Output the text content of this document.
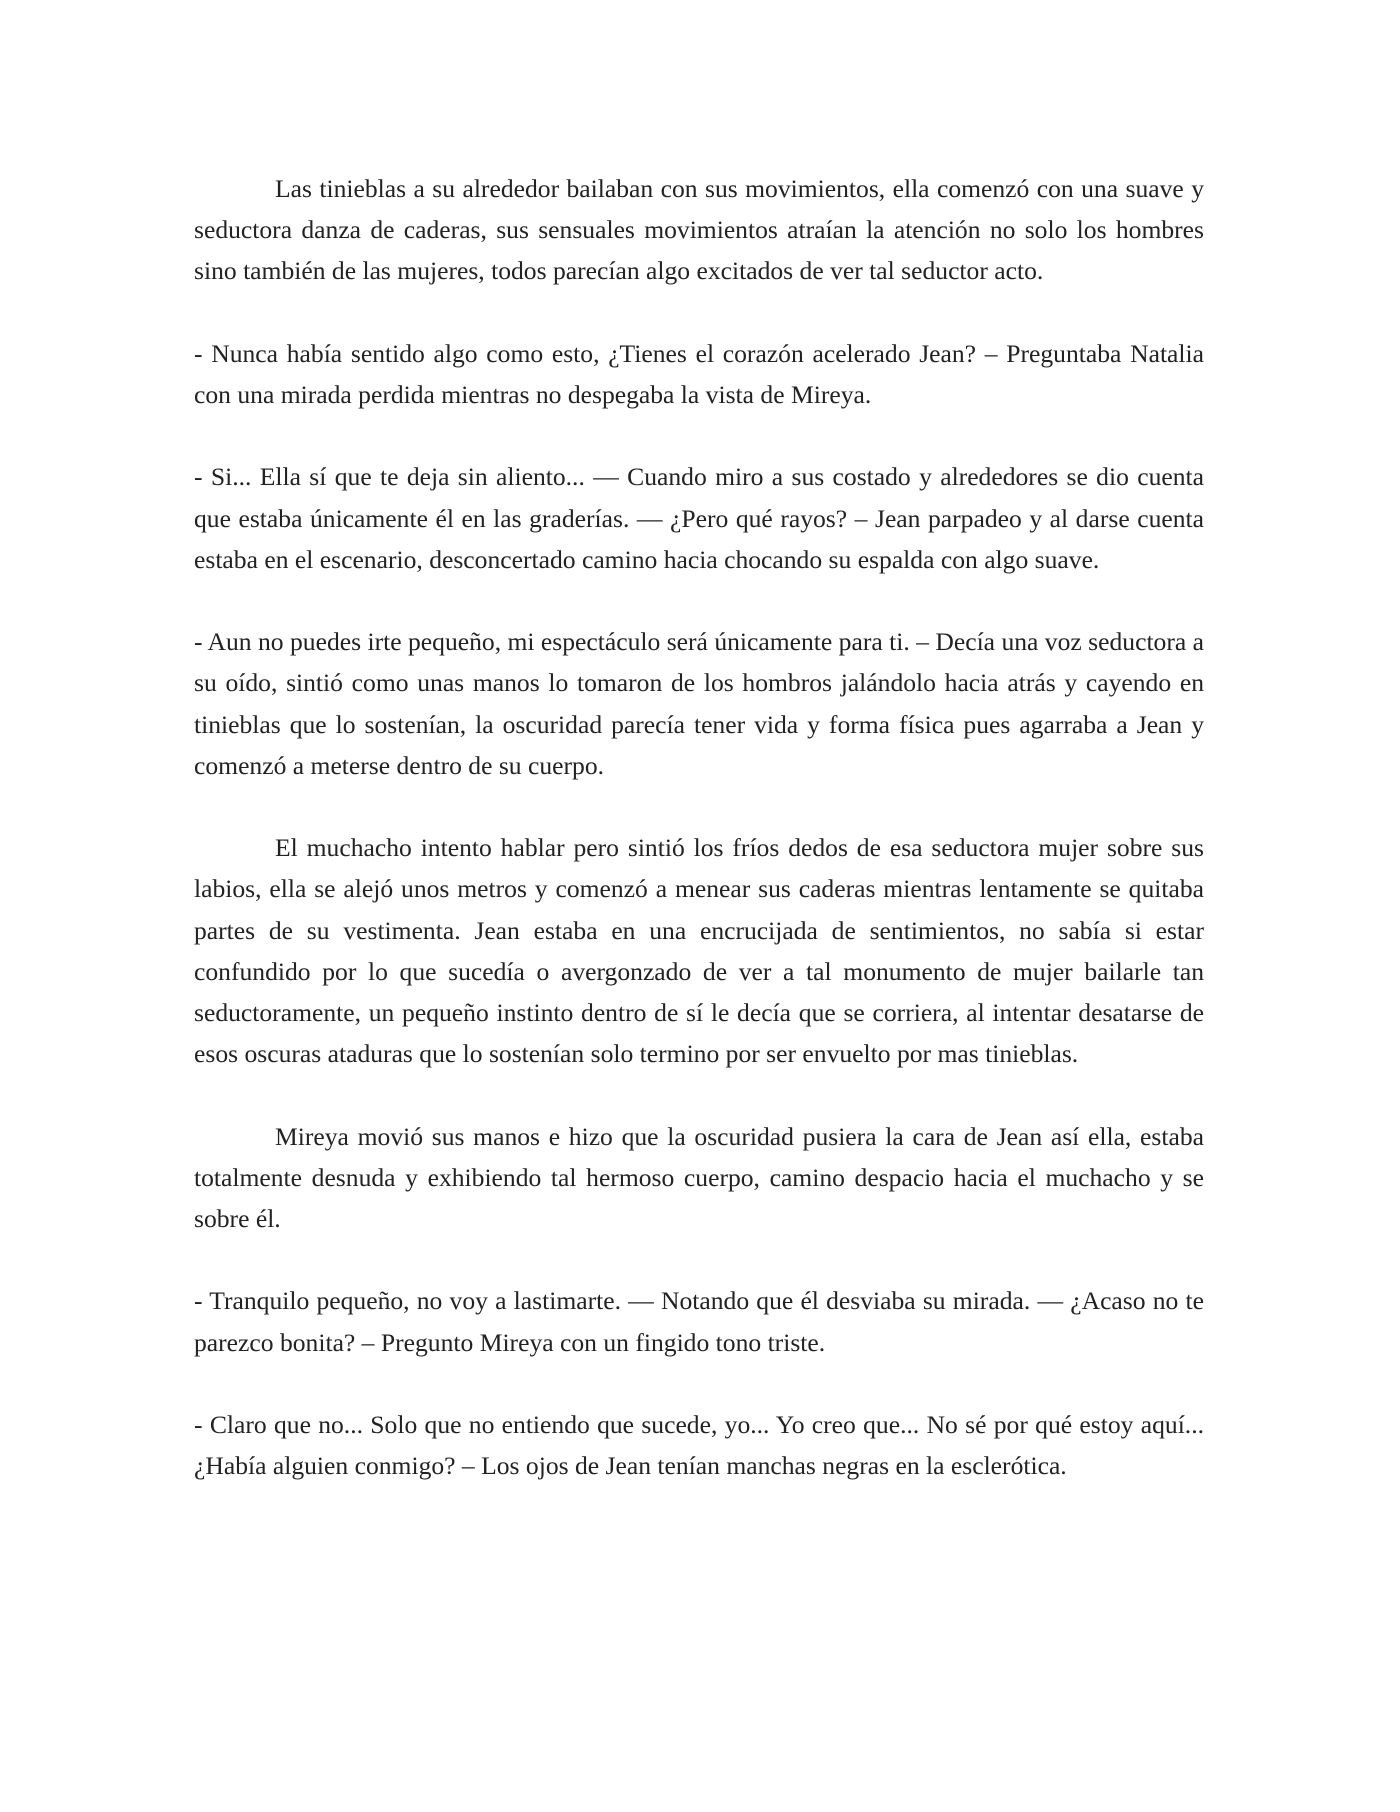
Las tinieblas a su alrededor bailaban con sus movimientos, ella comenzó con una suave y seductora danza de caderas, sus sensuales movimientos atraían la atención no solo los hombres sino también de las mujeres, todos parecían algo excitados de ver tal seductor acto.

- Nunca había sentido algo como esto, ¿Tienes el corazón acelerado Jean? – Preguntaba Natalia con una mirada perdida mientras no despegaba la vista de Mireya.

- Si... Ella sí que te deja sin aliento... — Cuando miro a sus costado y alrededores se dio cuenta que estaba únicamente él en las graderías. — ¿Pero qué rayos? – Jean parpadeo y al darse cuenta estaba en el escenario, desconcertado camino hacia chocando su espalda con algo suave.

- Aun no puedes irte pequeño, mi espectáculo será únicamente para ti. – Decía una voz seductora a su oído, sintió como unas manos lo tomaron de los hombros jalándolo hacia atrás y cayendo en tinieblas que lo sostenían, la oscuridad parecía tener vida y forma física pues agarraba a Jean y comenzó a meterse dentro de su cuerpo.

El muchacho intento hablar pero sintió los fríos dedos de esa seductora mujer sobre sus labios, ella se alejó unos metros y comenzó a menear sus caderas mientras lentamente se quitaba partes de su vestimenta. Jean estaba en una encrucijada de sentimientos, no sabía si estar confundido por lo que sucedía o avergonzado de ver a tal monumento de mujer bailarle tan seductoramente, un pequeño instinto dentro de sí le decía que se corriera, al intentar desatarse de esos oscuras ataduras que lo sostenían solo termino por ser envuelto por mas tinieblas.

Mireya movió sus manos e hizo que la oscuridad pusiera la cara de Jean así ella, estaba totalmente desnuda y exhibiendo tal hermoso cuerpo, camino despacio hacia el muchacho y se sobre él.

- Tranquilo pequeño, no voy a lastimarte. — Notando que él desviaba su mirada. — ¿Acaso no te parezco bonita? – Pregunto Mireya con un fingido tono triste.

- Claro que no... Solo que no entiendo que sucede, yo... Yo creo que... No sé por qué estoy aquí... ¿Había alguien conmigo? – Los ojos de Jean tenían manchas negras en la esclerótica.
